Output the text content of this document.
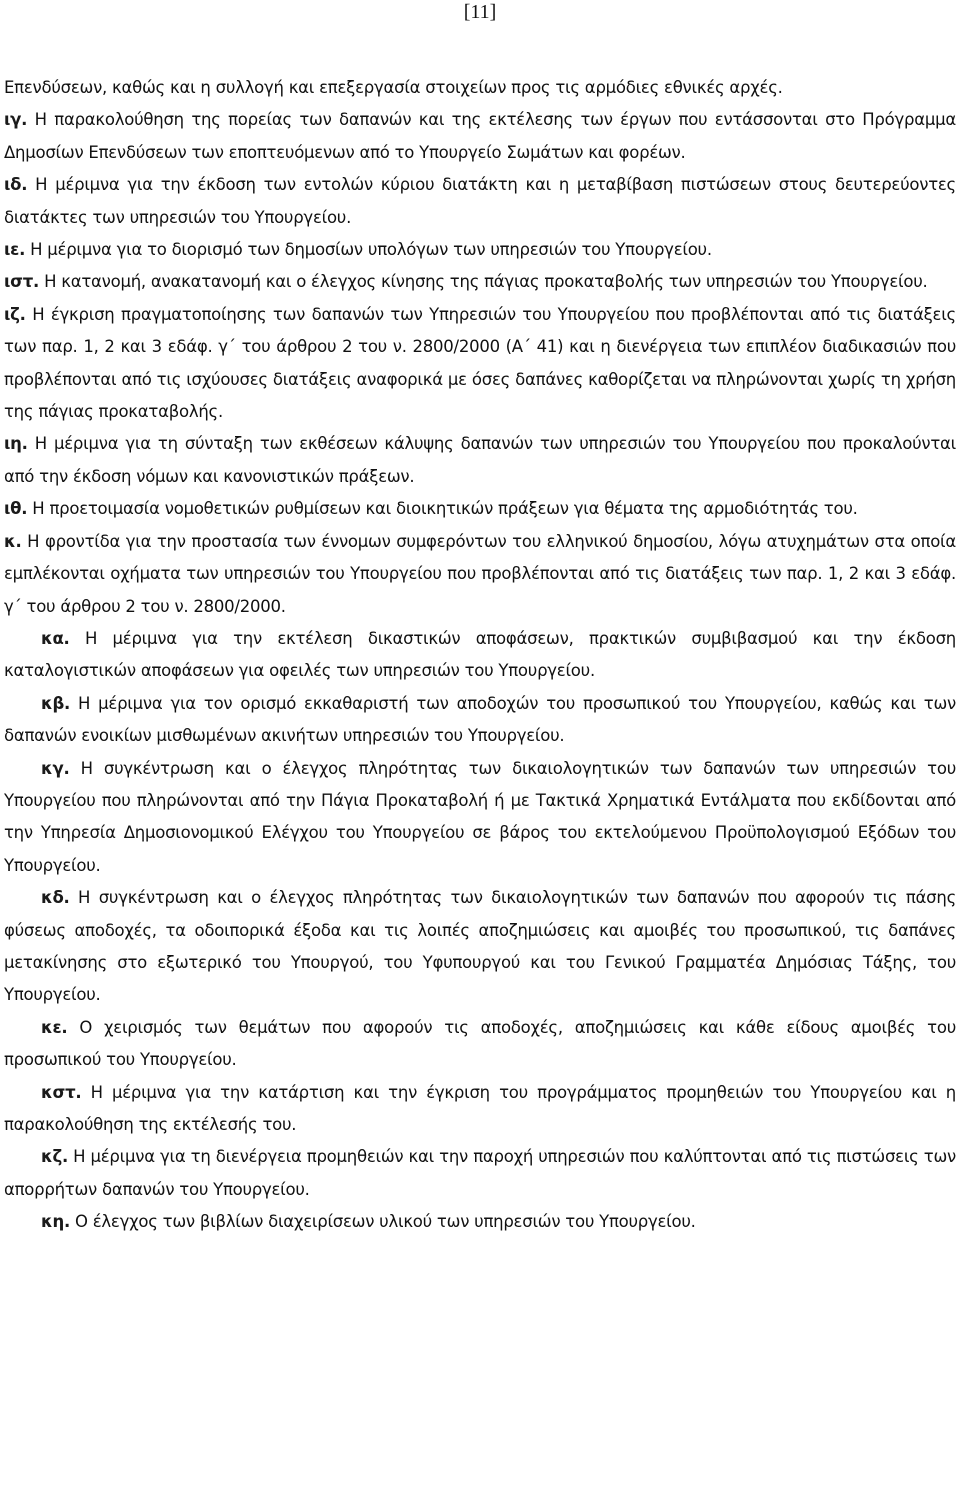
[11]

Επενδύσεων, καθώς και η συλλογή και επεξεργασία στοιχείων προς τις αρμόδιες εθνικές αρχές.

ιγ. Η παρακολούθηση της πορείας των δαπανών και της εκτέλεσης των έργων που εντάσσονται στο Πρόγραμμα Δημοσίων Επενδύσεων των εποπτευόμενων από το Υπουργείο Σωμάτων και φορέων.

ιδ. Η μέριμνα για την έκδοση των εντολών κύριου διατάκτη και η μεταβίβαση πιστώσεων στους δευτερεύοντες διατάκτες των υπηρεσιών του Υπουργείου.

ιε. Η μέριμνα για το διορισμό των δημοσίων υπολόγων των υπηρεσιών του Υπουργείου.

ιστ. Η κατανομή, ανακατανομή και ο έλεγχος κίνησης της πάγιας προκαταβολής των υπηρεσιών του Υπουργείου.

ιζ. Η έγκριση πραγματοποίησης των δαπανών των Υπηρεσιών του Υπουργείου που προβλέπονται από τις διατάξεις των παρ. 1, 2 και 3 εδάφ. γ΄ του άρθρου 2 του ν. 2800/2000 (Α΄ 41) και η διενέργεια των επιπλέον διαδικασιών που προβλέπονται από τις ισχύουσες διατάξεις αναφορικά με όσες δαπάνες καθορίζεται να πληρώνονται χωρίς τη χρήση της πάγιας προκαταβολής.

ιη. Η μέριμνα για τη σύνταξη των εκθέσεων κάλυψης δαπανών των υπηρεσιών του Υπουργείου που προκαλούνται από την έκδοση νόμων και κανονιστικών πράξεων.

ιθ. Η προετοιμασία νομοθετικών ρυθμίσεων και διοικητικών πράξεων για θέματα της αρμοδιότητάς του.

κ. Η φροντίδα για την προστασία των έννομων συμφερόντων του ελληνικού δημοσίου, λόγω ατυχημάτων στα οποία εμπλέκονται οχήματα των υπηρεσιών του Υπουργείου που προβλέπονται από τις διατάξεις των παρ. 1, 2 και 3 εδάφ. γ΄ του άρθρου 2 του ν. 2800/2000.

κα. Η μέριμνα για την εκτέλεση δικαστικών αποφάσεων, πρακτικών συμβιβασμού και την έκδοση καταλογιστικών αποφάσεων για οφειλές των υπηρεσιών του Υπουργείου.

κβ. Η μέριμνα για τον ορισμό εκκαθαριστή των αποδοχών του προσωπικού του Υπουργείου, καθώς και των δαπανών ενοικίων μισθωμένων ακινήτων υπηρεσιών του Υπουργείου.

κγ. Η συγκέντρωση και ο έλεγχος πληρότητας των δικαιολογητικών των δαπανών των υπηρεσιών του Υπουργείου που πληρώνονται από την Πάγια Προκαταβολή ή με Τακτικά Χρηματικά Εντάλματα που εκδίδονται από την Υπηρεσία Δημοσιονομικού Ελέγχου του Υπουργείου σε βάρος του εκτελούμενου Προϋπολογισμού Εξόδων του Υπουργείου.

κδ. Η συγκέντρωση και ο έλεγχος πληρότητας των δικαιολογητικών των δαπανών που αφορούν τις πάσης φύσεως αποδοχές, τα οδοιπορικά έξοδα και τις λοιπές αποζημιώσεις και αμοιβές του προσωπικού, τις δαπάνες μετακίνησης στο εξωτερικό του Υπουργού, του Υφυπουργού και του Γενικού Γραμματέα Δημόσιας Τάξης, του Υπουργείου.

κε. Ο χειρισμός των θεμάτων που αφορούν τις αποδοχές, αποζημιώσεις και κάθε είδους αμοιβές του προσωπικού του Υπουργείου.

κστ. Η μέριμνα για την κατάρτιση και την έγκριση του προγράμματος προμηθειών του Υπουργείου και η παρακολούθηση της εκτέλεσής του.

κζ. Η μέριμνα για τη διενέργεια προμηθειών και την παροχή υπηρεσιών που καλύπτονται από τις πιστώσεις των απορρήτων δαπανών του Υπουργείου.

κη. Ο έλεγχος των βιβλίων διαχειρίσεων υλικού των υπηρεσιών του Υπουργείου.
